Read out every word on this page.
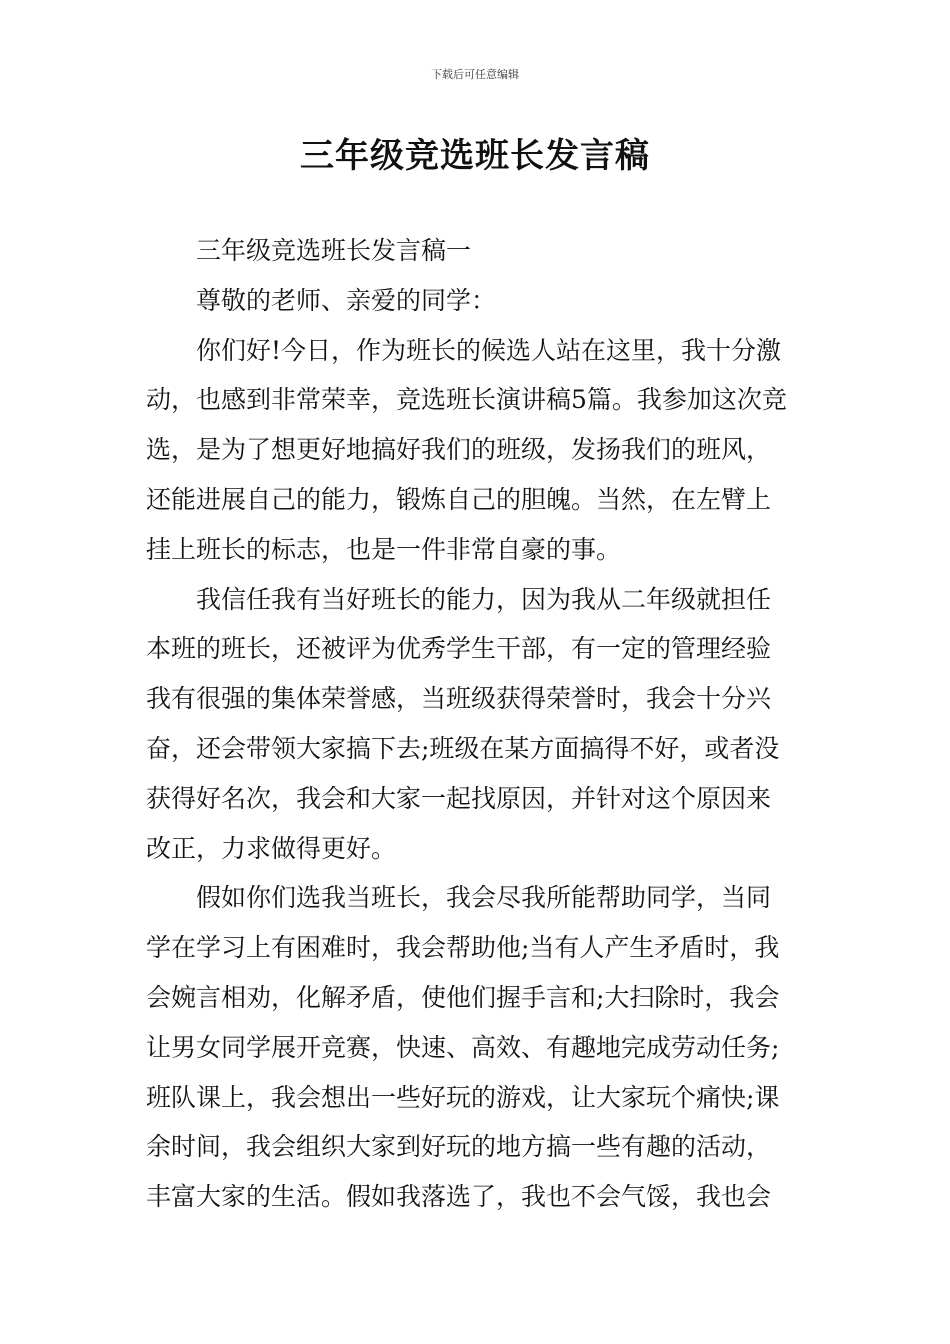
下载后可任意编辑
三年级竞选班长发言稿
三年级竞选班长发言稿一
尊敬的老师、亲爱的同学：
你们好!今日，作为班长的候选人站在这里，我十分激
动，也感到非常荣幸，竞选班长演讲稿5篇。我参加这次竞
选，是为了想更好地搞好我们的班级，发扬我们的班风，
还能进展自己的能力，锻炼自己的胆魄。当然，在左臂上
挂上班长的标志，也是一件非常自豪的事。
我信任我有当好班长的能力，因为我从二年级就担任
本班的班长，还被评为优秀学生干部，有一定的管理经验
我有很强的集体荣誉感，当班级获得荣誉时，我会十分兴
奋，还会带领大家搞下去;班级在某方面搞得不好，或者没
获得好名次，我会和大家一起找原因，并针对这个原因来
改正，力求做得更好。
假如你们选我当班长，我会尽我所能帮助同学，当同
学在学习上有困难时，我会帮助他;当有人产生矛盾时，我
会婉言相劝，化解矛盾，使他们握手言和;大扫除时，我会
让男女同学展开竞赛，快速、高效、有趣地完成劳动任务;
班队课上，我会想出一些好玩的游戏，让大家玩个痛快;课
余时间，我会组织大家到好玩的地方搞一些有趣的活动，
丰富大家的生活。假如我落选了，我也不会气馁，我也会
